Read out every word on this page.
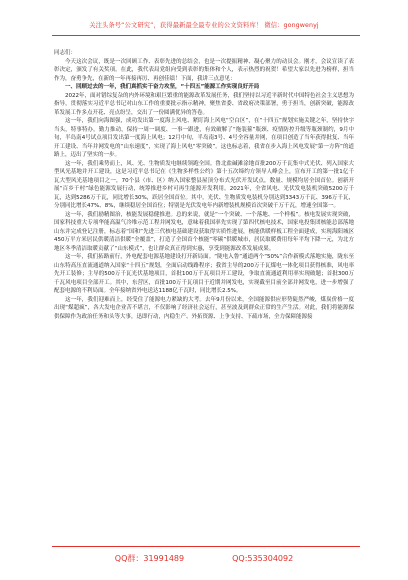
关注头条号“公文研究”，获得最新最全最专业的公文资料库！ 微信：gongwenyj

同志们：

今天这次会议，既是一次回顾工作、表彰先进的总结会，也是一次提振精神、凝心聚力的动员会。刚才，会议宣读了表彰决定，颁发了有关奖项。在此，我代表局党组向受到表彰的集体和个人，表示热烈的祝贺！希望大家以先进为榜样，担当作为，奋勇争先，在新的一年再接再厉、再创佳绩！下面，我讲三点意见：

一、回顾过去的一年，我们真抓实干奋力攻坚，“十四五”能源工作实现良好开局

2022年，面对错综复杂的内外环境和艰巨繁重的能源改革发展任务，我们坚持以习近平新时代中国特色社会主义思想为指导，贯彻落实习近平总书记对山东工作的重要批示指示精神，聚焦省委、省政府决策部署，勇于担当，创新突破，能源改革发展工作多点开花、亮点纷呈，交出了一份圆满优异的答卷。

这一年，我们向海图强，成功发出第一度海上风电、紧盯海上风电“空白区”，在“十四五”规划实施关键之年，坚持快字当头，特事特办，勤力推动，保持一周一调度、一事一跟进，有效破解了“拖装箍”瓶颈、疫情防控升级等瓶颈制约，9月中旬，半岛南4号试点项目发出第一度海上风电；12月中旬，半岛南3号、4号全容量并网，在项目创造了当年获得批复、当年开工建设、当年并网发电的“山东速度”，实现了海上风电“零突破”。这也标志着，我省在步入海上风电发展“第一方阵”的道路上，迈出了坚实的一步。

这一年，我们乘势而上，风、光、生物质发电继续领跑全国。鲁北盐碱滩涂地首批200万千瓦集中式光伏、列入国家大型风光基地并开工建设，这是习近平总书记在《生物多样性公约》第十五次缔约方领导人峰会上，宣布开工的第一批1亿千瓦大型风光基地项目之一，70个县（市、区）纳入国家整县屋顶分布式光伏开发试点，数量、规模均居全国首位。创新开展“百乡千村”绿色能源发展行动，统筹推进乡村可再生能源开发利用。2021年，全省风电、光伏发电装机突破5200万千瓦，达到5286万千瓦，同比增长30%，跃居全国首位。其中，光伏、生物质发电装机分别达到3343万千瓦、396万千瓦，分别同比增长47%、8%，继续稳居全国首位；特别是光伏发电年内新增装机规模首次突破千万千瓦，增速全国第一。

这一年，我们励精图治，核能发展稳健推进。总的来说，就是“一个突破、一个落地、一个样板”。核电发展实现突破，国家科技重大专项华能高温气冷堆示范工程并网发电，意味着我国率先实现了第四代核电技术，国家电投集团核能总部落地山东并完成登记注册，标志着“国和”先进三代核电基础建设获取得实质性进展，核能供暖样板工程全面建成，实现海阳城区450万平方米居民供暖清洁供暖“全覆盖”，打造了全国首个核能“零碳”供暖城市，居民取暖费用每年平均下降一元，为北方地区冬季清洁取暖贡献了“山东模式”，也让群众真正得到实惠，享受到能源改革发展成果。

这一年，我们拓路前行，外电配套电源基地建设打开新局面。“陇电入鲁”通道两个“50%”合作新模式落地实施，陇东至山东特高压直流通道纳入国家“十四五”规划，全面启动线路程序；我省主导的200万千瓦煤电一体化项目获得核准，风电率先开工装修；主导的500万千瓦光伏基地项目，首批100万千瓦项目开工建设，争取直流通道利用率实现破题；首批300万千瓦风电项目全部开工。其中，东营区，首批100万千瓦项目于近期并网发电，实现截至目前全部并网发电，进一步增强了配套电源的不利局面。全年接纳省外电送达1188亿千瓦时，同比增长2.5%。

这一年，我们迎难而上，经受住了能源电力紧缺的大考。去年9月份以来，全国能源供应形势陡然严峻，煤炭价格一度出现“煤超疯”，各大发电企业苦不堪言，不仅影响了经济社会运行，甚至波及到群众正常的生产生活。对此，我们将能源保供保障作为政治任务和头等大事，迅即行动，内稳生产、外拓资源、上争支持、下疏市场，全力保障能源接

QQ群：31991489	QQ:535304092
